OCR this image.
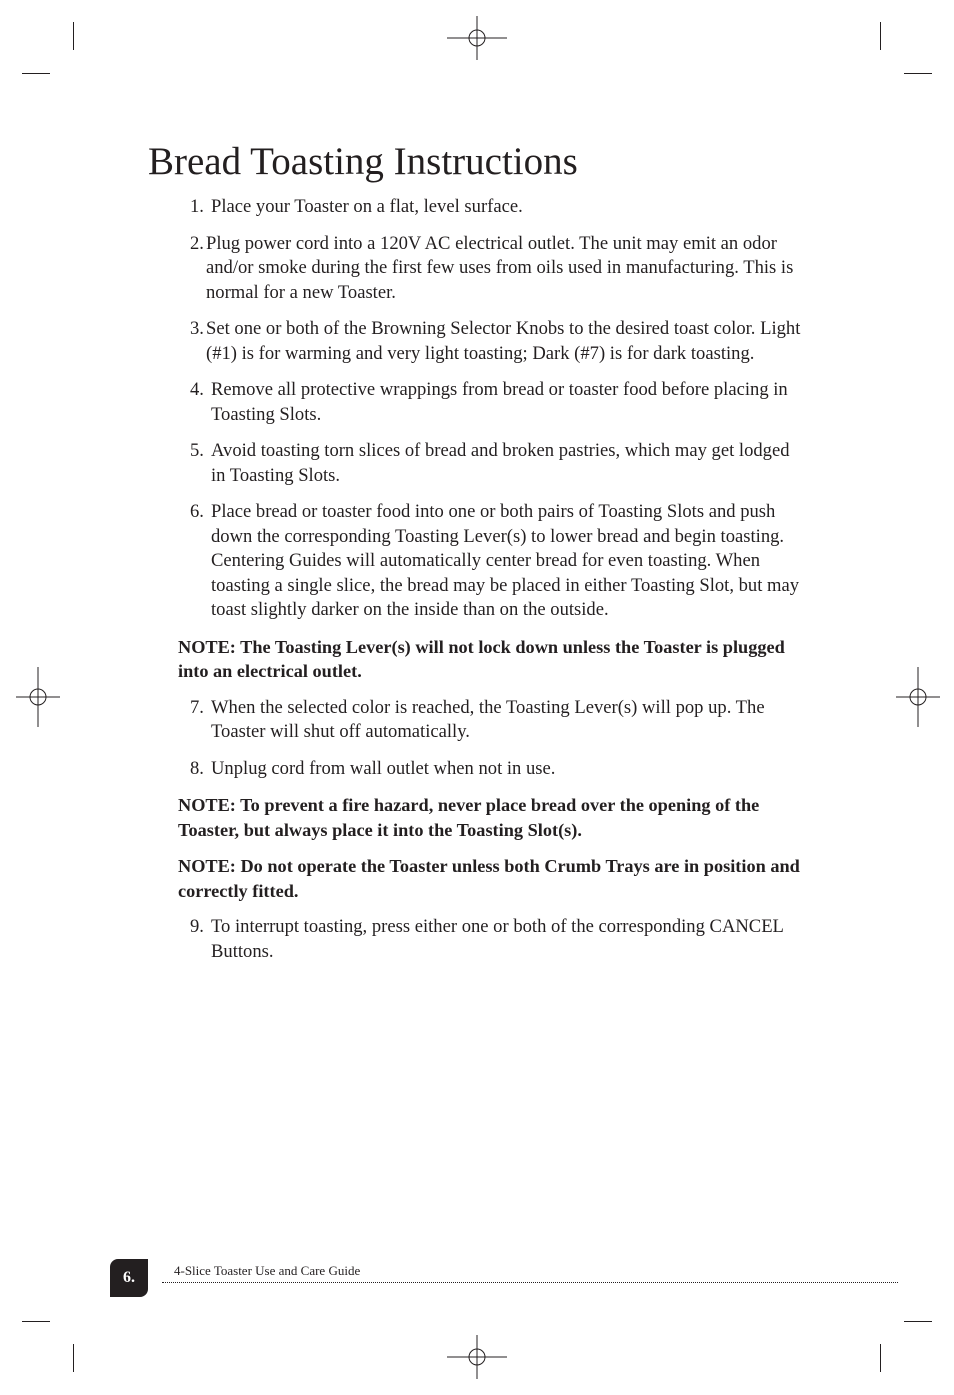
Bread Toasting Instructions
1. Place your Toaster on a flat, level surface.
2. Plug power cord into a 120V AC electrical outlet. The unit may emit an odor and/or smoke during the first few uses from oils used in manufacturing. This is normal for a new Toaster.
3. Set one or both of the Browning Selector Knobs to the desired toast color. Light (#1) is for warming and very light toasting; Dark (#7) is for dark toasting.
4. Remove all protective wrappings from bread or toaster food before placing in Toasting Slots.
5. Avoid toasting torn slices of bread and broken pastries, which may get lodged in Toasting Slots.
6. Place bread or toaster food into one or both pairs of Toasting Slots and push down the corresponding Toasting Lever(s) to lower bread and begin toasting. Centering Guides will automatically center bread for even toasting. When toasting a single slice, the bread may be placed in either Toasting Slot, but may toast slightly darker on the inside than on the outside.

NOTE: The Toasting Lever(s) will not lock down unless the Toaster is plugged into an electrical outlet.

7. When the selected color is reached, the Toasting Lever(s) will pop up. The Toaster will shut off automatically.
8. Unplug cord from wall outlet when not in use.

NOTE: To prevent a fire hazard, never place bread over the opening of the Toaster, but always place it into the Toasting Slot(s).

NOTE: Do not operate the Toaster unless both Crumb Trays are in position and correctly fitted.

9. To interrupt toasting, press either one or both of the corresponding CANCEL Buttons.
6.	4-Slice Toaster Use and Care Guide
